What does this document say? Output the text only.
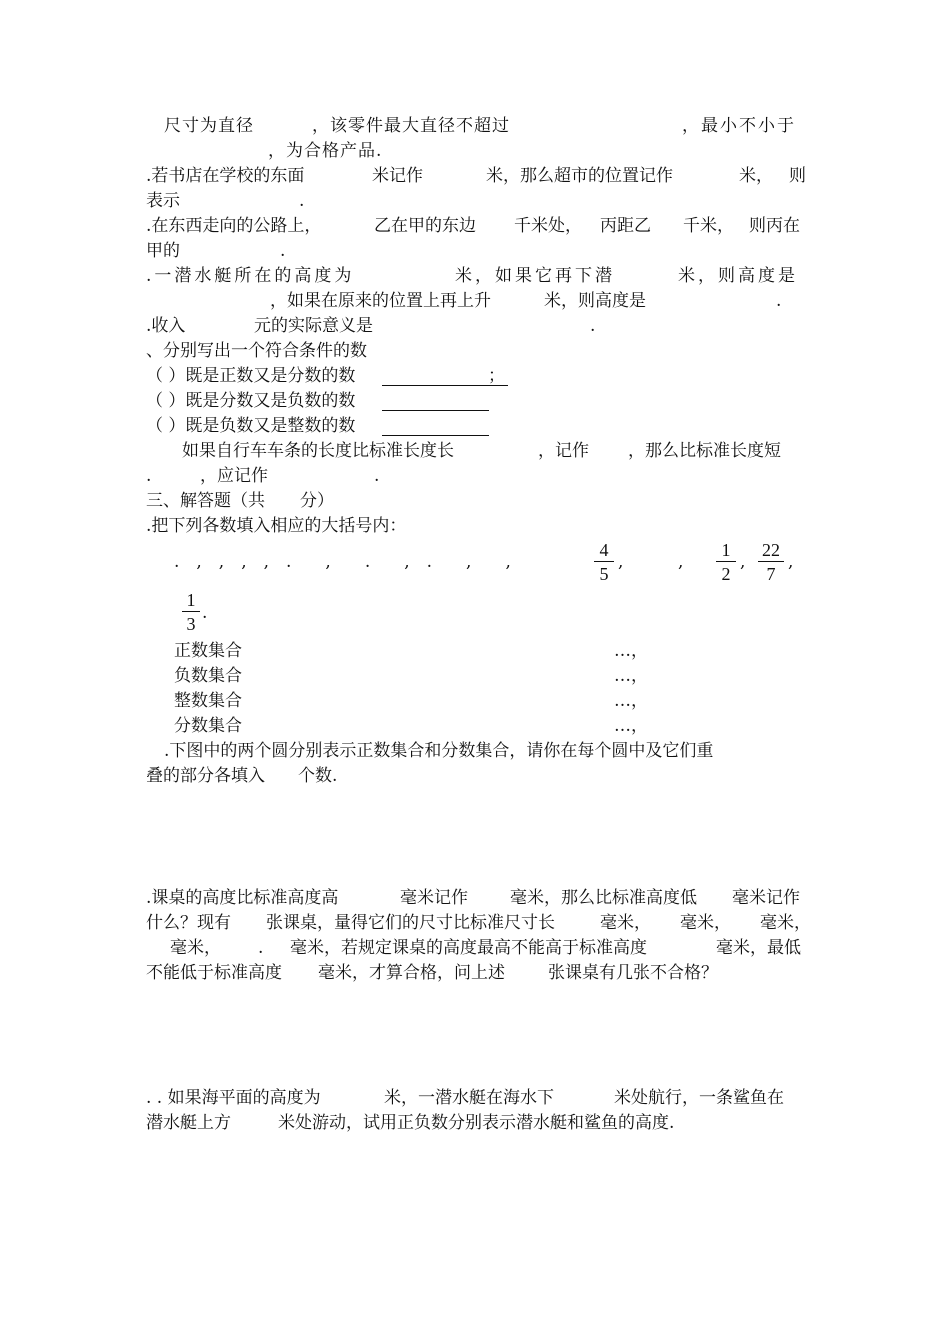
尺寸为直径	，该零件最大直径不超过	，最小不小于
，为合格产品.
.若书店在学校的东面	米记作	米，那么超市的位置记作	米， 则
表示	.
.在东西走向的公路上，	乙在甲的东边 千米处， 丙距乙 千米， 则丙在
甲的	.
.一潜水艇所在的高度为	米，如果它再下潜	米，则高度是
，如果在原来的位置上再上升	米，则高度是	.
.收入	元的实际意义是	.
、分别写出一个符合条件的数
（ ）既是正数又是分数的数	；
（ ）既是分数又是负数的数
（ ）既是负数又是整数的数
如果自行车车条的长度比标准长度长	，记作 ，那么比标准长度短
.	，应记作	.
三、解答题（共 分）
.把下列各数填入相应的大括号内：
.　,　,　,　,　.　　,　　.　　,　.　　,　　,
4
5
,	,
1
2
,
22
7
,
1
3
.
正数集合	…，
负数集合	…，
整数集合	…，
分数集合	…，
.下图中的两个圆分别表示正数集合和分数集合，请你在每个圆中及它们重
叠的部分各填入 个数.
.课桌的高度比标准高度高	毫米记作 毫米，那么比标准高度低 毫米记作
什么？现有 张课桌，量得它们的尺寸比标准尺寸长	毫米， 毫米， 毫米，
毫米， . 毫米，若规定课桌的高度最高不能高于标准高度	毫米，最低
不能低于标准高度 毫米，才算合格，问上述	张课桌有几张不合格？
. . 如果海平面的高度为	米，一潜水艇在海水下	米处航行，一条鲨鱼在
潜水艇上方	米处游动，试用正负数分别表示潜水艇和鲨鱼的高度.
